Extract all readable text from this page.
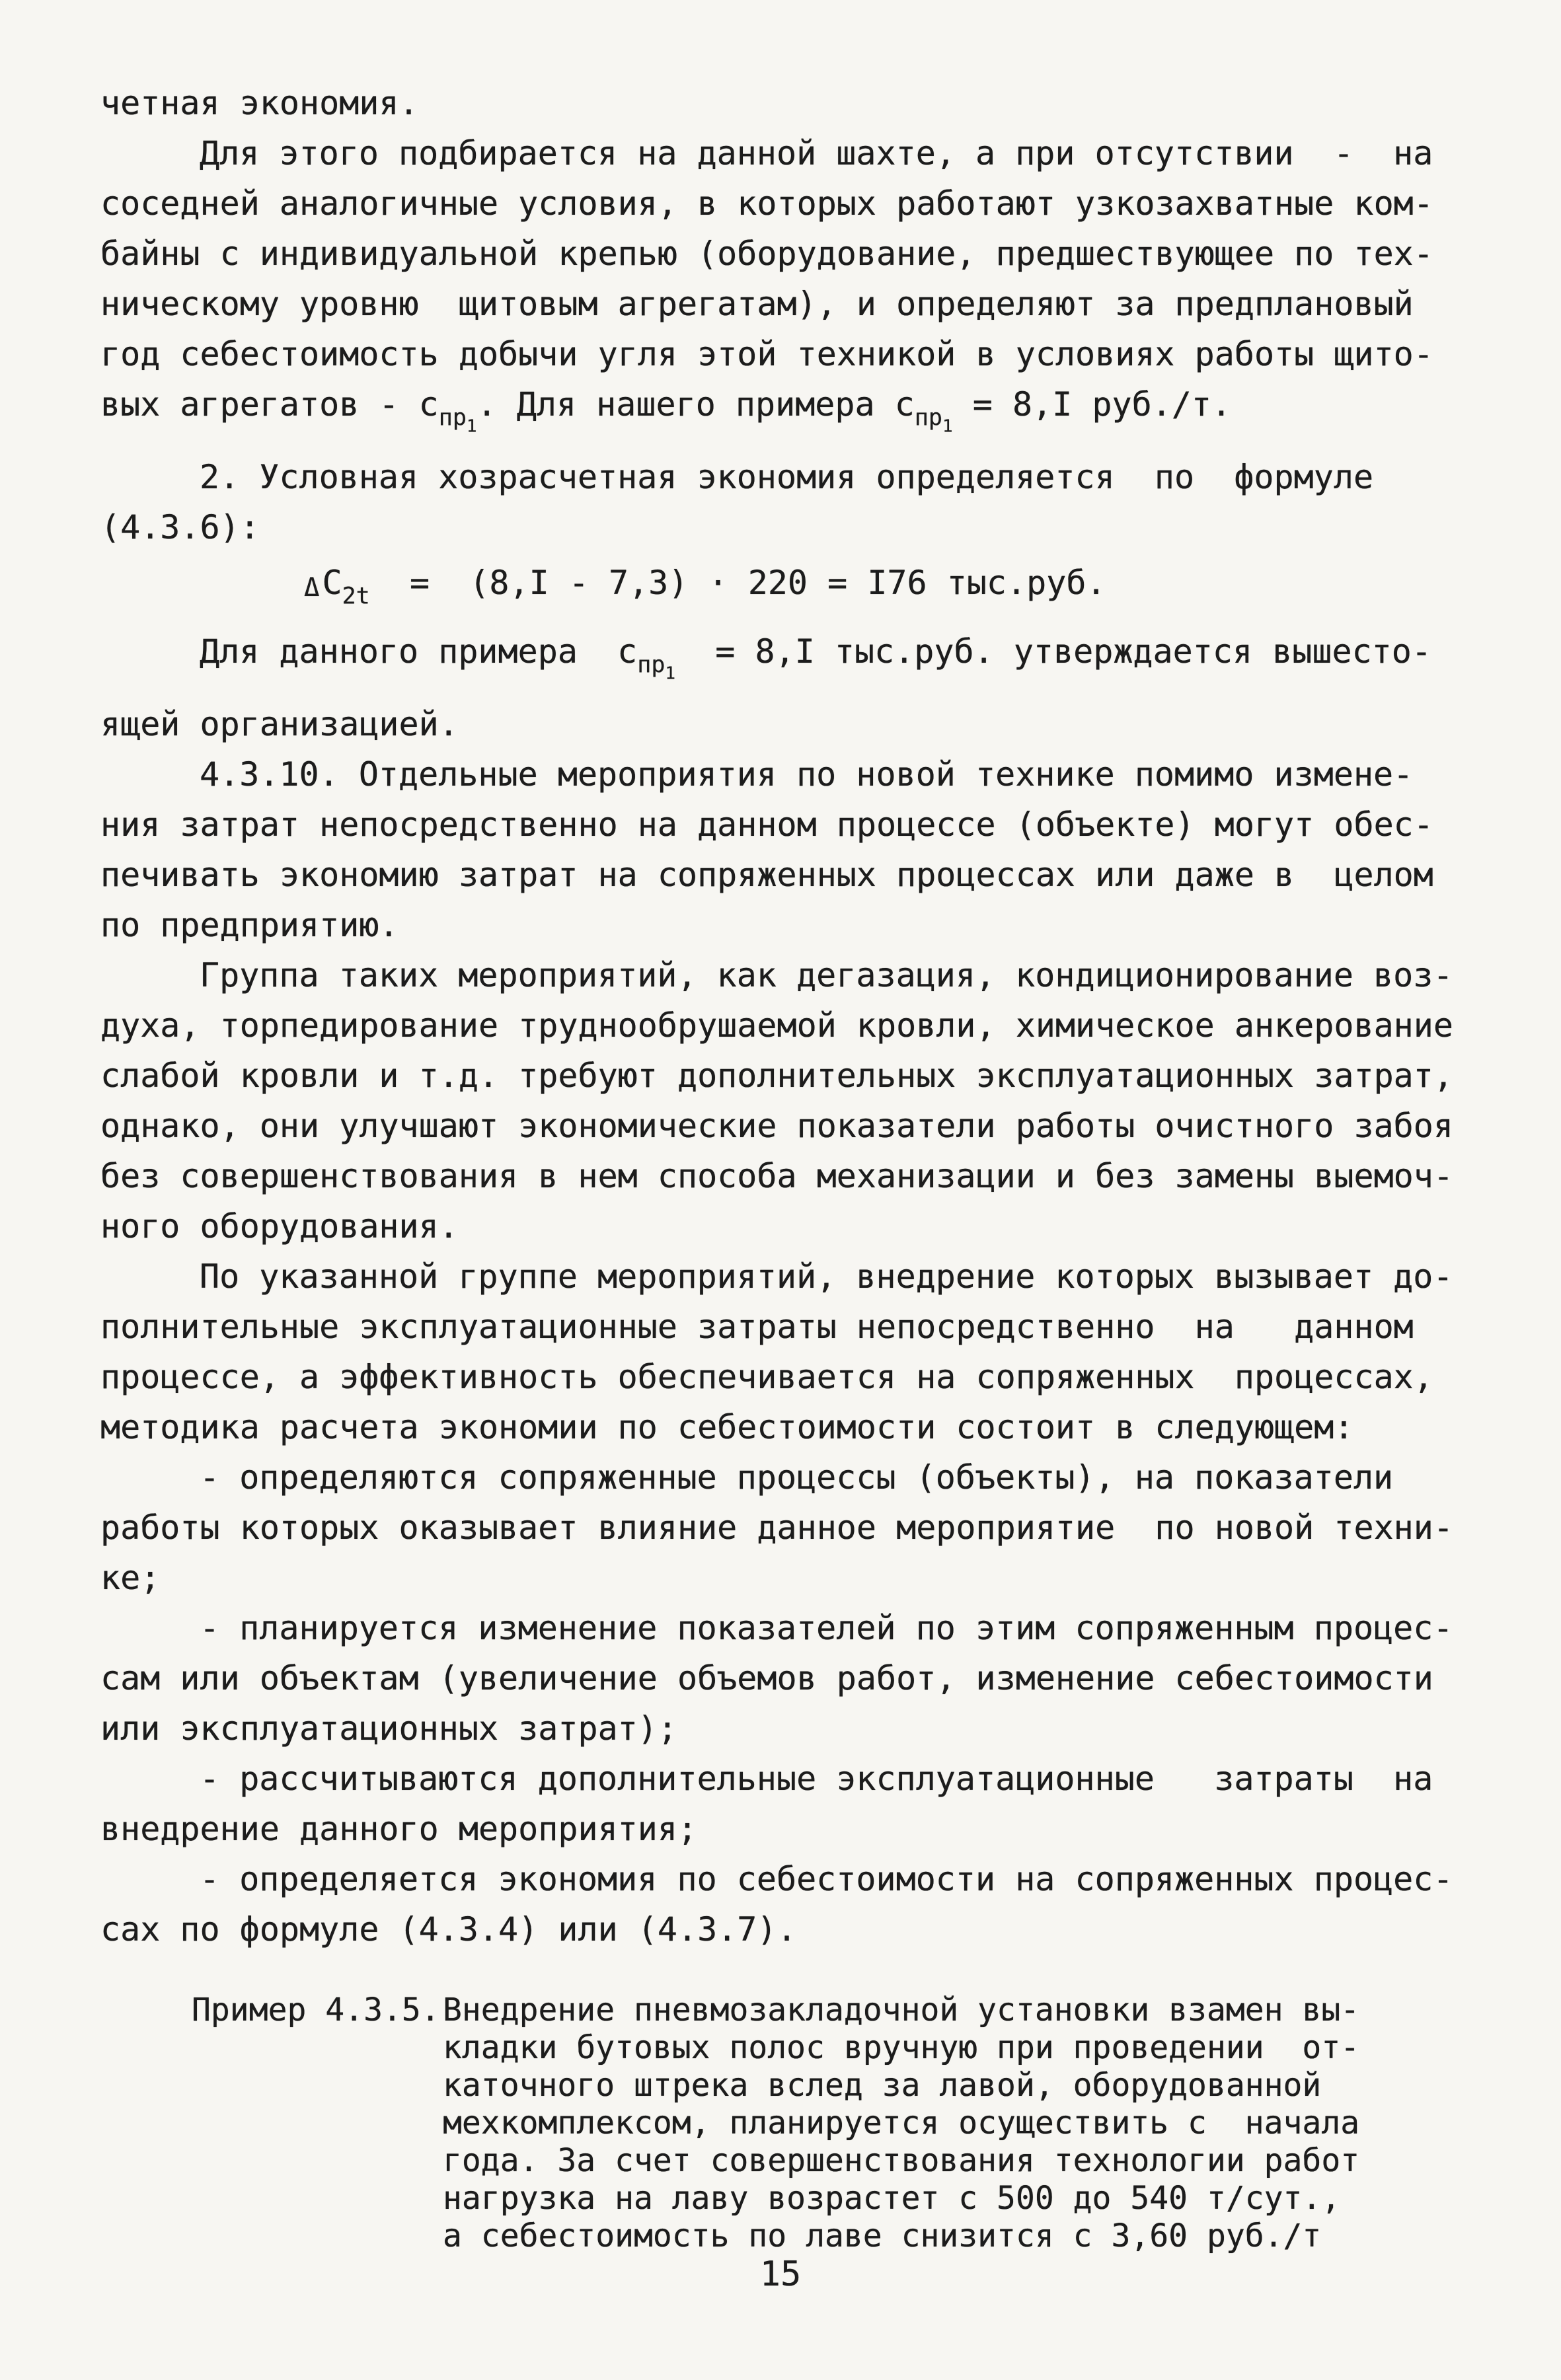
четная экономия.
Для этого подбирается на данной шахте, а при отсутствии  -  на
соседней аналогичные условия, в которых работают узкозахватные ком-
байны с индивидуальной крепью (оборудование, предшествующее по тех-
ническому уровню  щитовым агрегатам), и определяют за предплановый
год себестоимость добычи угля этой техникой в условиях работы щито-
вых агрегатов - $с_{пр1}$. Для нашего примера $с_{пр1} = 8,I$ руб./т.
2. Условная хозрасчетная экономия определяется  по  формуле
(4.3.6):
$\Delta С_{2t} = (8,I - 7,3) \cdot 220 = I76$ тыс.руб.
Для данного примера  $с_{пр1} = 8,I$ тыс.руб. утверждается вышесто-
ящей организацией.
4.3.10. Отдельные мероприятия по новой технике помимо измене-
ния затрат непосредственно на данном процессе (объекте) могут обес-
печивать экономию затрат на сопряженных процессах или даже в  целом
по предприятию.
Группа таких мероприятий, как дегазация, кондиционирование воз-
духа, торпедирование труднообрушаемой кровли, химическое анкерование
слабой кровли и т.д. требуют дополнительных эксплуатационных затрат,
однако, они улучшают экономические показатели работы очистного забоя
без совершенствования в нем способа механизации и без замены выемоч-
ного оборудования.
По указанной группе мероприятий, внедрение которых вызывает до-
полнительные эксплуатационные затраты непосредственно  на   данном
процессе, а эффективность обеспечивается на сопряженных  процессах,
методика расчета экономии по себестоимости состоит в следующем:
- определяются сопряженные процессы (объекты), на показатели
работы которых оказывает влияние данное мероприятие  по новой техни-
ке;
- планируется изменение показателей по этим сопряженным процес-
сам или объектам (увеличение объемов работ, изменение себестоимости
или эксплуатационных затрат);
- рассчитываются дополнительные эксплуатационные   затраты  на
внедрение данного мероприятия;
- определяется экономия по себестоимости на сопряженных процес-
сах по формуле (4.3.4) или (4.3.7).
Пример 4.3.5. Внедрение пневмозакладочной установки взамен вы-
кладки бутовых полос вручную при проведении  от-
каточного штрека вслед за лавой, оборудованной
мехкомплексом, планируется осуществить с  начала
года. За счет совершенствования технологии работ
нагрузка на лаву возрастет с 500 до 540 т/сут.,
а себестоимость по лаве снизится с 3,60 руб./т
15
